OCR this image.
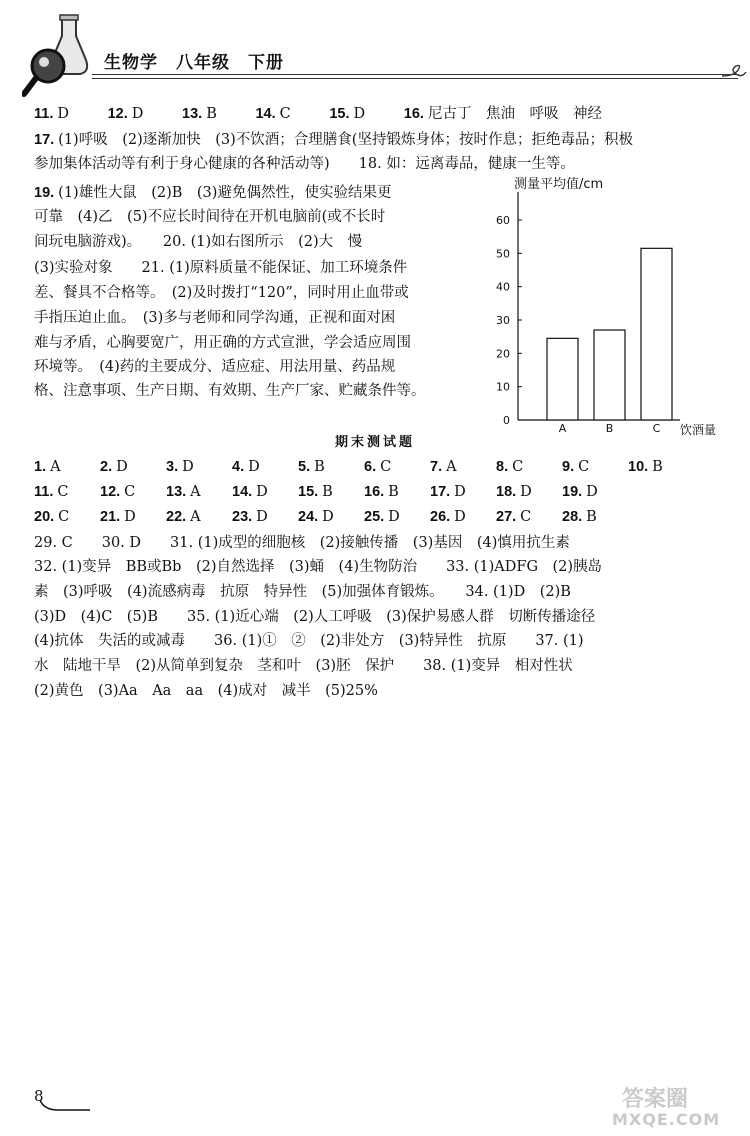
生物学　八年级　下册
11. D	12. D	13. B	14. C	15. D	16. 尼古丁　焦油　呼吸　神经
17. (1)呼吸　(2)逐渐加快　(3)不饮酒；合理膳食(坚持锻炼身体；按时作息；拒绝毒品；积极
参加集体活动等有利于身心健康的各种活动等)　　18. 如：远离毒品，健康一生等。
19. (1)雄性大鼠　(2)B　(3)避免偶然性，使实验结果更
可靠　(4)乙　(5)不应长时间待在开机电脑前(或不长时
间玩电脑游戏)。　　20. (1)如右图所示　(2)大　慢
(3)实验对象　　21. (1)原料质量不能保证、加工环境条件
差、餐具不合格等。　(2)及时拨打“120”，同时用止血带或
手指压迫止血。　(3)多与老师和同学沟通，正视和面对困
难与矛盾，心胸要宽广，用正确的方式宣泄，学会适应周围
环境等。　(4)药的主要成分、适应症、用法用量、药品规
格、注意事项、生产日期、有效期、生产厂家、贮藏条件等。
测量平均值/cm
饮酒量
0
10
20
30
40
50
60
A	B	C
期末测试题
1. A	2. D	3. D	4. D	5. B	6. C	7. A	8. C	9. C	10. B
11. C 12. C 13. A 14. D 15. B 16. B 17. D 18. D 19. D
20. C 21. D 22. A 23. D 24. D 25. D 26. D 27. C 28. B
29. C　　30. D　　31. (1)成型的细胞核　(2)接触传播　(3)基因　(4)慎用抗生素
32. (1)变异　BB或Bb　(2)自然选择　(3)蛹　(4)生物防治　　33. (1)ADFG　(2)胰岛
素　(3)呼吸　(4)流感病毒　抗原　特异性　(5)加强体育锻炼。　　34. (1)D　(2)B
(3)D　(4)C　(5)B　　35. (1)近心端　(2)人工呼吸　(3)保护易感人群　切断传播途径
(4)抗体　失活的或减毒　　36. (1)①　②　(2)非处方　(3)特异性　抗原　　37. (1)
水　陆地干旱　(2)从简单到复杂　茎和叶　(3)胚　保护　　38. (1)变异　相对性状
(2)黄色　(3)Aa　Aa　aa　(4)成对　减半　(5)25%
8	答案圈
MXQE.COM
